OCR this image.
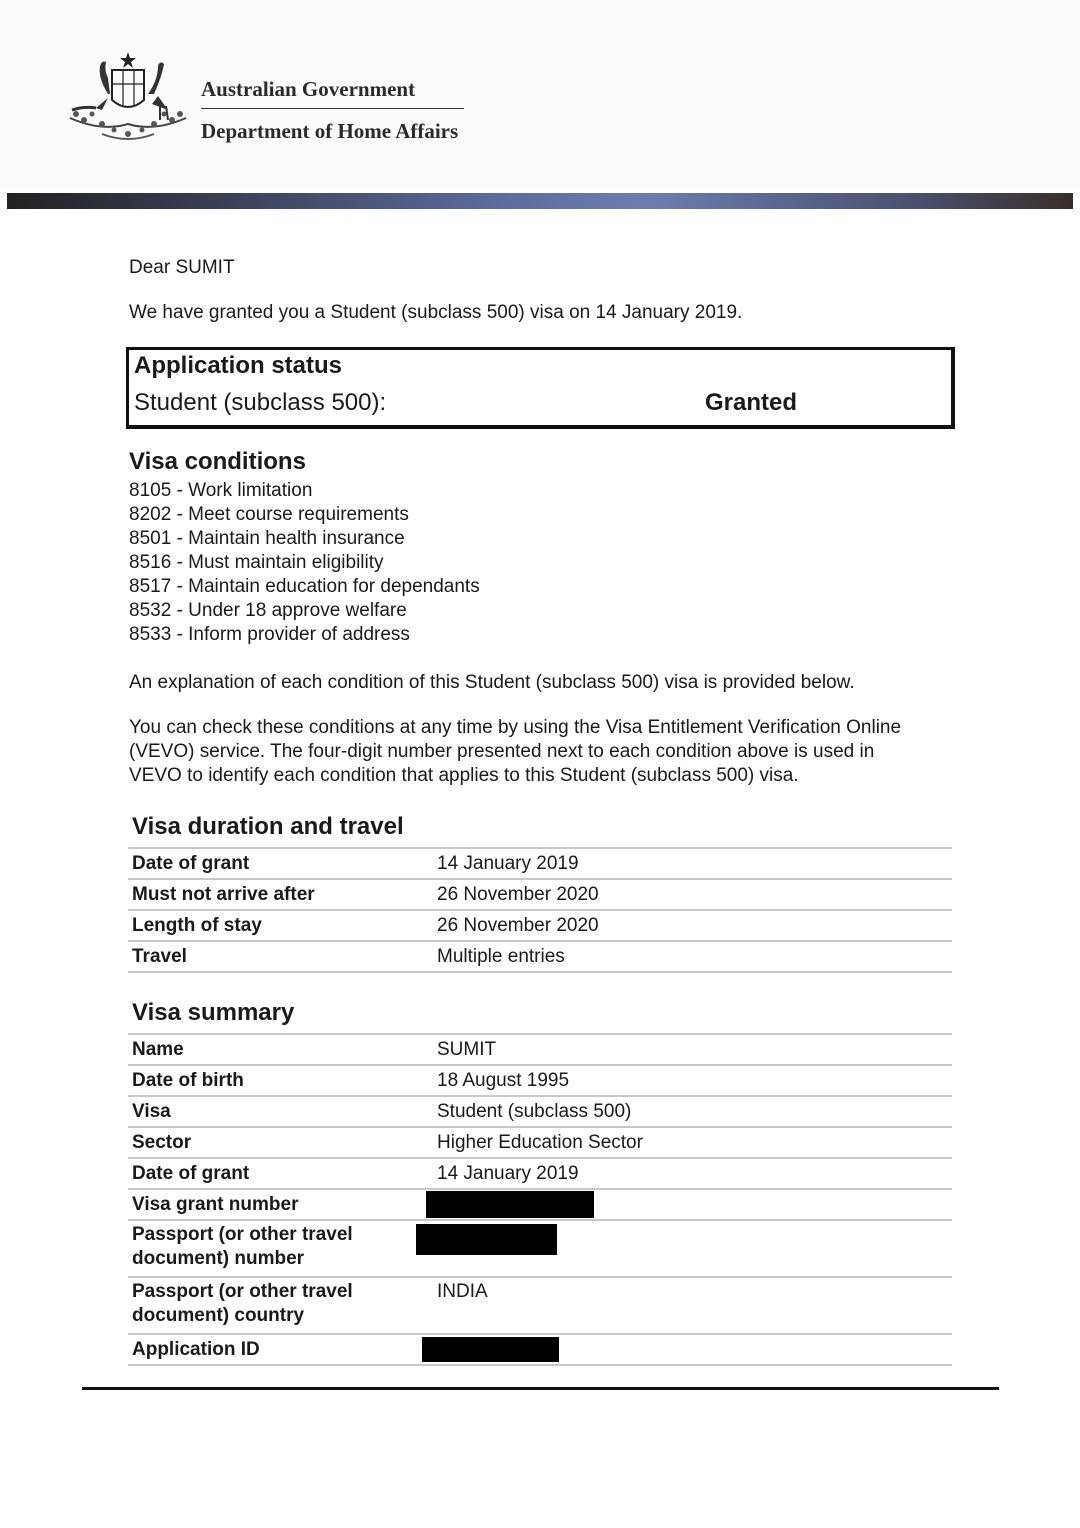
Australian Government
Department of Home Affairs
Dear SUMIT
We have granted you a Student (subclass 500) visa on 14 January 2019.
Application status
Student (subclass 500):	Granted
Visa conditions
8105 - Work limitation
8202 - Meet course requirements
8501 - Maintain health insurance
8516 - Must maintain eligibility
8517 - Maintain education for dependants
8532 - Under 18 approve welfare
8533 - Inform provider of address
An explanation of each condition of this Student (subclass 500) visa is provided below.
You can check these conditions at any time by using the Visa Entitlement Verification Online
(VEVO) service. The four-digit number presented next to each condition above is used in
VEVO to identify each condition that applies to this Student (subclass 500) visa.
Visa duration and travel
Date of grant	14 January 2019
Must not arrive after	26 November 2020
Length of stay	26 November 2020
Travel	Multiple entries
Visa summary
Name	SUMIT
Date of birth	18 August 1995
Visa	Student (subclass 500)
Sector	Higher Education Sector
Date of grant	14 January 2019
Visa grant number	

Passport (or other travel
document) number	

Passport (or other travel
document) country	INDIA
Application ID	
